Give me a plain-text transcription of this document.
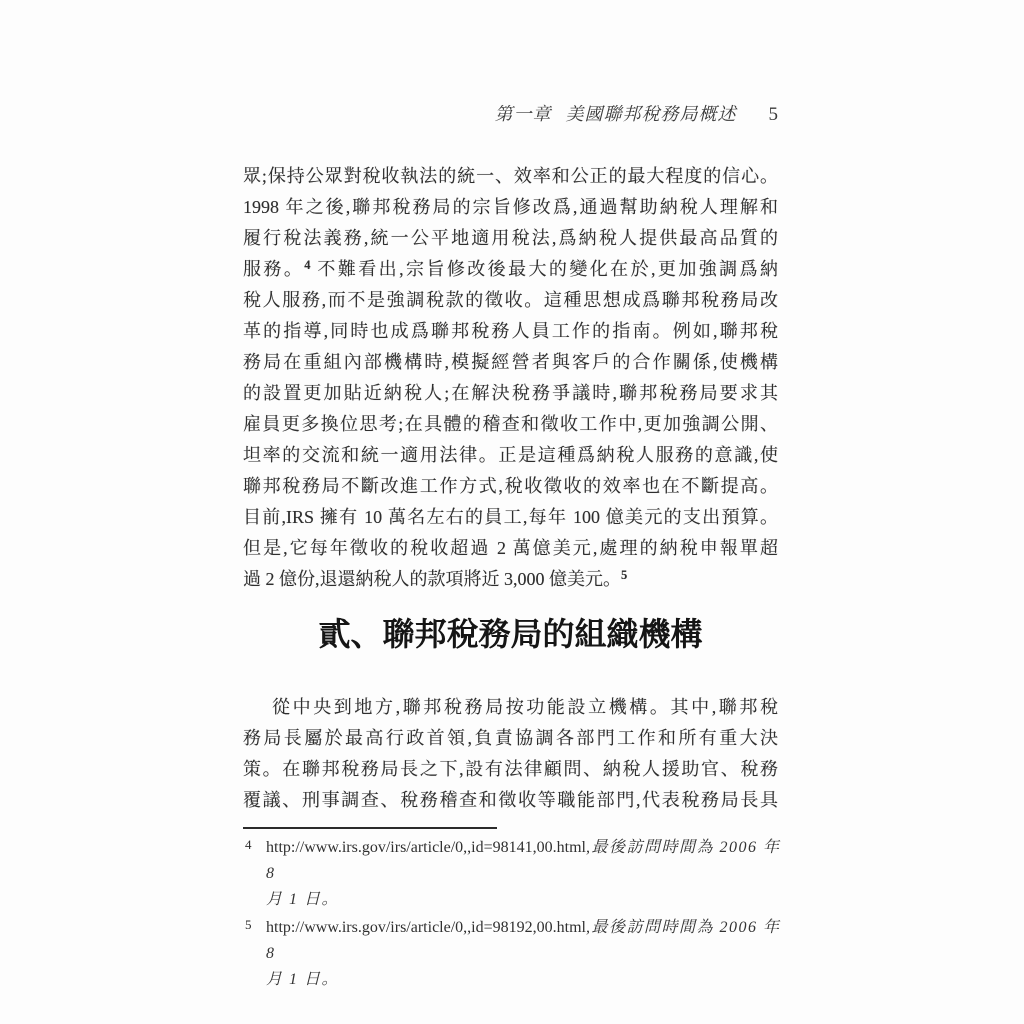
第一章 美國聯邦稅務局概述 5
眾;保持公眾對稅收執法的統一、效率和公正的最大程度的信心。
1998 年之後,聯邦稅務局的宗旨修改爲,通過幫助納稅人理解和
履行稅法義務,統一公平地適用稅法,爲納稅人提供最高品質的
服務。$^4$ 不難看出,宗旨修改後最大的變化在於,更加強調爲納
稅人服務,而不是強調稅款的徵收。這種思想成爲聯邦稅務局改
革的指導,同時也成爲聯邦稅務人員工作的指南。例如,聯邦稅
務局在重組內部機構時,模擬經營者與客戶的合作關係,使機構
的設置更加貼近納稅人;在解決稅務爭議時,聯邦稅務局要求其
雇員更多換位思考;在具體的稽查和徵收工作中,更加強調公開、
坦率的交流和統一適用法律。正是這種爲納稅人服務的意識,使
聯邦稅務局不斷改進工作方式,稅收徵收的效率也在不斷提高。
目前,IRS 擁有 10 萬名左右的員工,每年 100 億美元的支出預算。
但是,它每年徵收的稅收超過 2 萬億美元,處理的納稅申報單超
過 2 億份,退還納稅人的款項將近 3,000 億美元。$^5$
貳、聯邦稅務局的組織機構
從中央到地方,聯邦稅務局按功能設立機構。其中,聯邦稅
務局長屬於最高行政首領,負責協調各部門工作和所有重大決
策。在聯邦稅務局長之下,設有法律顧問、納稅人援助官、稅務
覆議、刑事調查、稅務稽查和徵收等職能部門,代表稅務局長具
4 http://www.irs.gov/irs/article/0,,id=98141,00.html,最後訪問時間為 2006 年 8
月 1 日。
5 http://www.irs.gov/irs/article/0,,id=98192,00.html,最後訪問時間為 2006 年 8
月 1 日。
